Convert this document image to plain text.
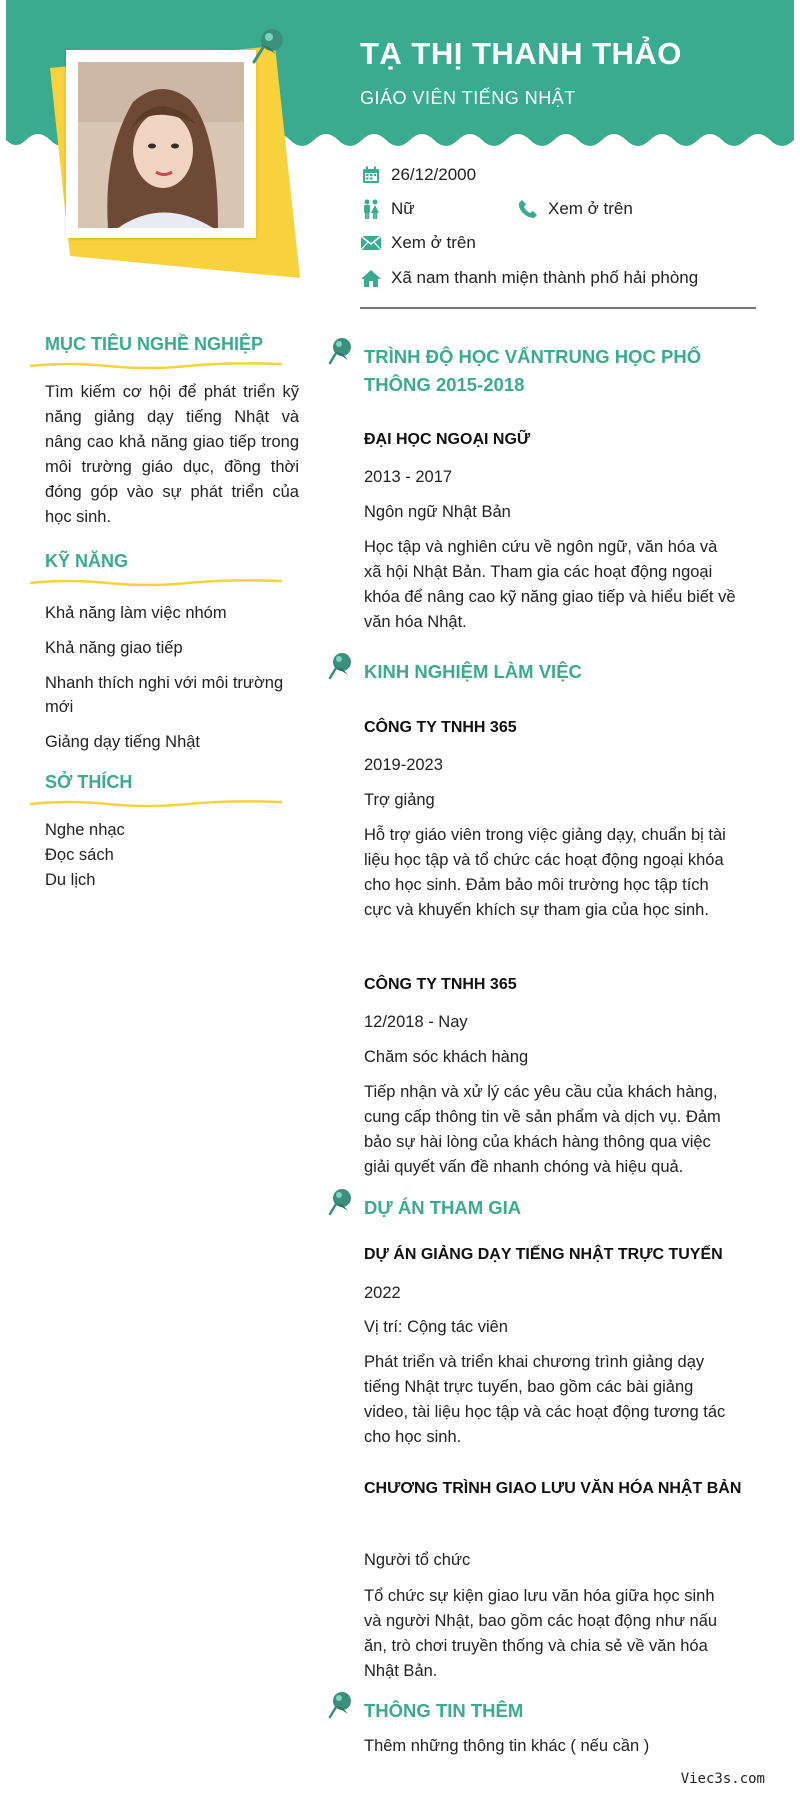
TẠ THỊ THANH THẢO
GIÁO VIÊN TIẾNG NHẬT
26/12/2000
Nữ	Xem ở trên
Xem ở trên
Xã nam thanh miện thành phố hải phòng
MỤC TIÊU NGHỀ NGHIỆP
Tìm kiếm cơ hội để phát triển kỹ năng giảng dạy tiếng Nhật và nâng cao khả năng giao tiếp trong môi trường giáo dục, đồng thời đóng góp vào sự phát triển của học sinh.
KỸ NĂNG
Khả năng làm việc nhóm
Khả năng giao tiếp
Nhanh thích nghi với môi trường mới
Giảng dạy tiếng Nhật
SỞ THÍCH
Nghe nhạc
Đọc sách
Du lịch
TRÌNH ĐỘ HỌC VẤNTRUNG HỌC PHỔ THÔNG 2015-2018
ĐẠI HỌC NGOẠI NGỮ
2013 - 2017
Ngôn ngữ Nhật Bản
Học tập và nghiên cứu về ngôn ngữ, văn hóa và xã hội Nhật Bản. Tham gia các hoạt động ngoại khóa để nâng cao kỹ năng giao tiếp và hiểu biết về văn hóa Nhật.
KINH NGHIỆM LÀM VIỆC
CÔNG TY TNHH 365
2019-2023
Trợ giảng
Hỗ trợ giáo viên trong việc giảng dạy, chuẩn bị tài liệu học tập và tổ chức các hoạt động ngoại khóa cho học sinh. Đảm bảo môi trường học tập tích cực và khuyến khích sự tham gia của học sinh.
CÔNG TY TNHH 365
12/2018 - Nay
Chăm sóc khách hàng
Tiếp nhận và xử lý các yêu cầu của khách hàng, cung cấp thông tin về sản phẩm và dịch vụ. Đảm bảo sự hài lòng của khách hàng thông qua việc giải quyết vấn đề nhanh chóng và hiệu quả.
DỰ ÁN THAM GIA
DỰ ÁN GIẢNG DẠY TIẾNG NHẬT TRỰC TUYẾN
2022
Vị trí: Cộng tác viên
Phát triển và triển khai chương trình giảng dạy tiếng Nhật trực tuyến, bao gồm các bài giảng video, tài liệu học tập và các hoạt động tương tác cho học sinh.
CHƯƠNG TRÌNH GIAO LƯU VĂN HÓA NHẬT BẢN
Người tổ chức
Tổ chức sự kiện giao lưu văn hóa giữa học sinh và người Nhật, bao gồm các hoạt động như nấu ăn, trò chơi truyền thống và chia sẻ về văn hóa Nhật Bản.
THÔNG TIN THÊM
Thêm những thông tin khác ( nếu cần )
Viec3s.com
